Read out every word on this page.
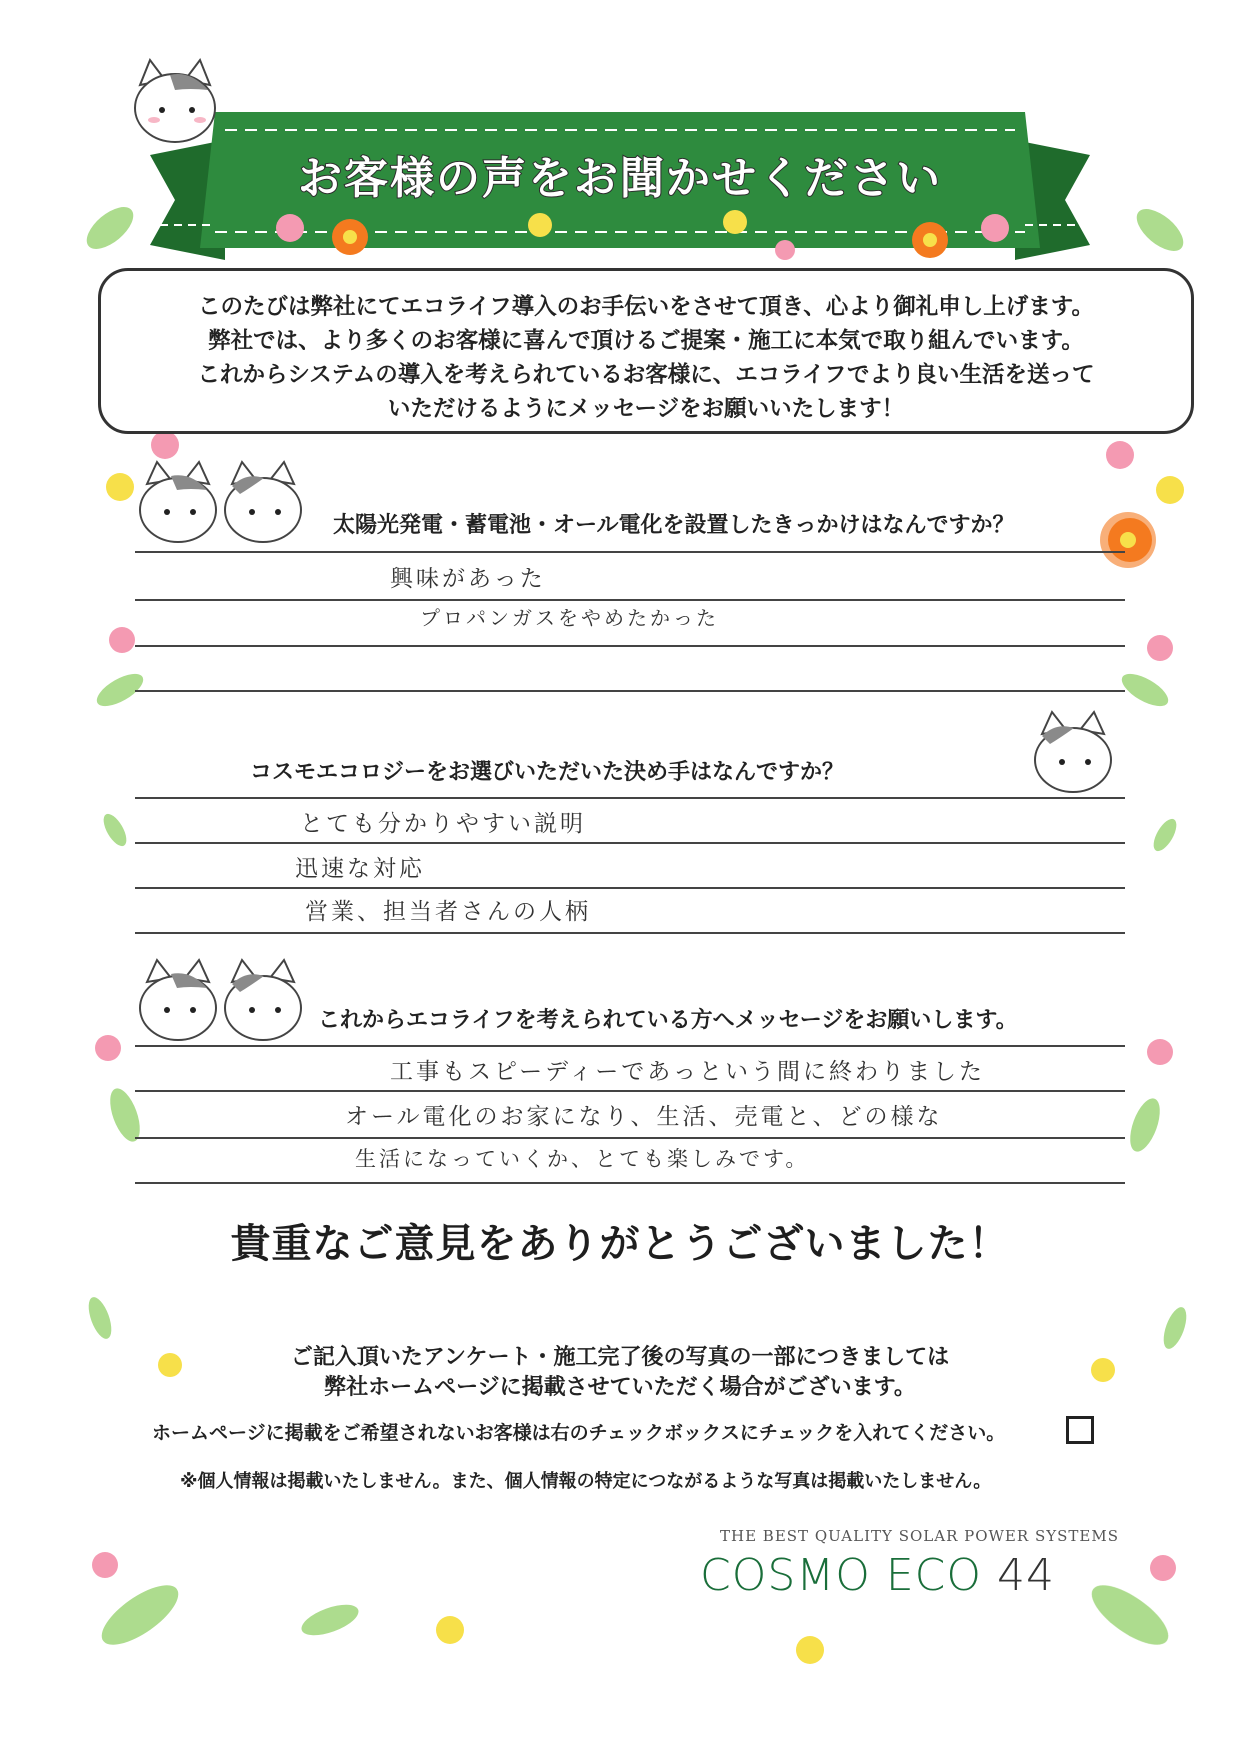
お客様の声をお聞かせください
このたびは弊社にてエコライフ導入のお手伝いをさせて頂き、心より御礼申し上げます。
弊社では、より多くのお客様に喜んで頂けるご提案・施工に本気で取り組んでいます。
これからシステムの導入を考えられているお客様に、エコライフでより良い生活を送って
いただけるようにメッセージをお願いいたします！
太陽光発電・蓄電池・オール電化を設置したきっかけはなんですか？
興味があった
プロパンガスをやめたかった
コスモエコロジーをお選びいただいた決め手はなんですか？
とても分かりやすい説明
迅速な対応
営業、担当者さんの人柄
これからエコライフを考えられている方へメッセージをお願いします。
工事もスピーディーであっという間に終わりました
オール電化のお家になり、生活、売電と、どの様な
生活になっていくか、とても楽しみです。
貴重なご意見をありがとうございました！
ご記入頂いたアンケート・施工完了後の写真の一部につきましては
弊社ホームページに掲載させていただく場合がございます。
ホームページに掲載をご希望されないお客様は右のチェックボックスにチェックを入れてください。
※個人情報は掲載いたしません。また、個人情報の特定につながるような写真は掲載いたしません。
THE BEST QUALITY SOLAR POWER SYSTEMS
COSMO ECO 44
